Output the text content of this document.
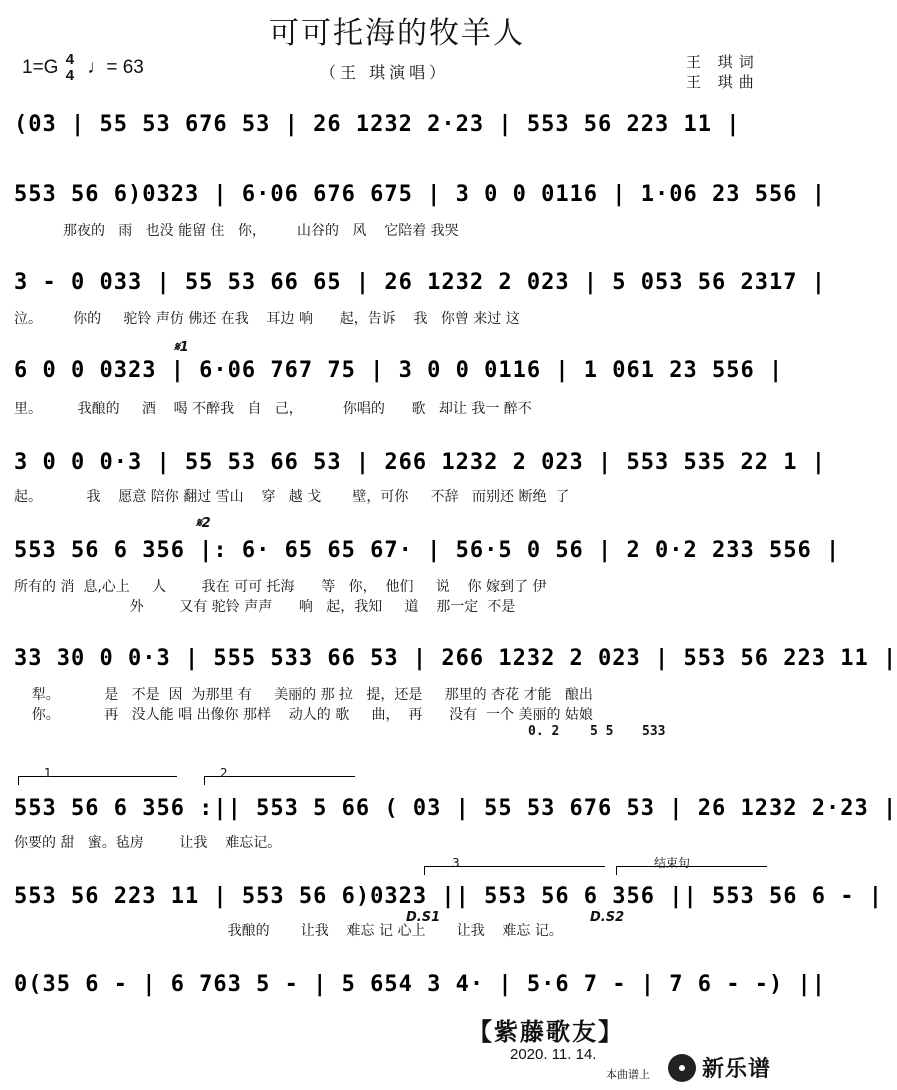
可可托海的牧羊人
1=G 4
4 ♩= 63	（王 琪演唱）
王 琪词
王 琪曲
(03 | 55 53 676 53 | 26 1232 2·23 | 553 56 223 11 |
553 56 6)0323 | 6·06 676 675 | 3 0 0 0116 | 1·06 23 556 |
那夜的   雨   也没 能留 住   你，       山谷的   风    它陪着 我哭
3 - 0 033 | 55 53 66 65 | 26 1232 2 023 | 5 053 56 2317 |
泣。       你的     驼铃 声仿 佛还 在我    耳边 响      起，告诉    我   你曾 来过 这
𝄋1
6 0 0 0323 | 6·06 767 75 | 3 0 0 0116 | 1 061 23 556 |
里。        我酿的     酒    喝 不醉我   自   己，         你唱的      歌   却让 我一 醉不
3 0 0 0·3 | 55 53 66 53 | 266 1232 2 023 | 553 535 22 1 |
起。          我    愿意 陪你 翻过 雪山    穿   越 戈       壁，可你     不辞   而别还 断绝  了
𝄋2
553 56 6 356 |: 6· 65 65 67· | 56·5 0 56 | 2 0·2 233 556 |
所有的 消  息,心上     人        我在 可可 托海      等   你，  他们     说    你 嫁到了 伊
外        又有 驼铃 声声      响   起，我知     道    那一定  不是
33 30 0 0·3 | 555 533 66 53 | 266 1232 2 023 | 553 56 223 11 |
犁。          是   不是  因  为那里 有     美丽的 那 拉   提，还是     那里的 杏花 才能   酿出
你。          再   没人能 唱 出像你 那样    动人的 歌     曲，  再      没有  一个 美丽的 姑娘
0. 2 5 5 533
1	2
553 56 6 356 :|| 553 5 66 ( 03 | 55 53 676 53 | 26 1232 2·23 |
你要的 甜   蜜。毡房        让我    难忘记。
3	结束句
553 56 223 11 | 553 56 6)0323 || 553 56 6 356 || 553 56 6 - |
D.S1	D.S2
我酿的       让我    难忘 记 心上       让我    难忘 记。
0(35 6 - | 6 763 5 - | 5 654 3 4· | 5·6 7 - | 7 6 - -) ||
【紫藤歌友】
2020. 11. 14.
本曲谱上 新乐谱
